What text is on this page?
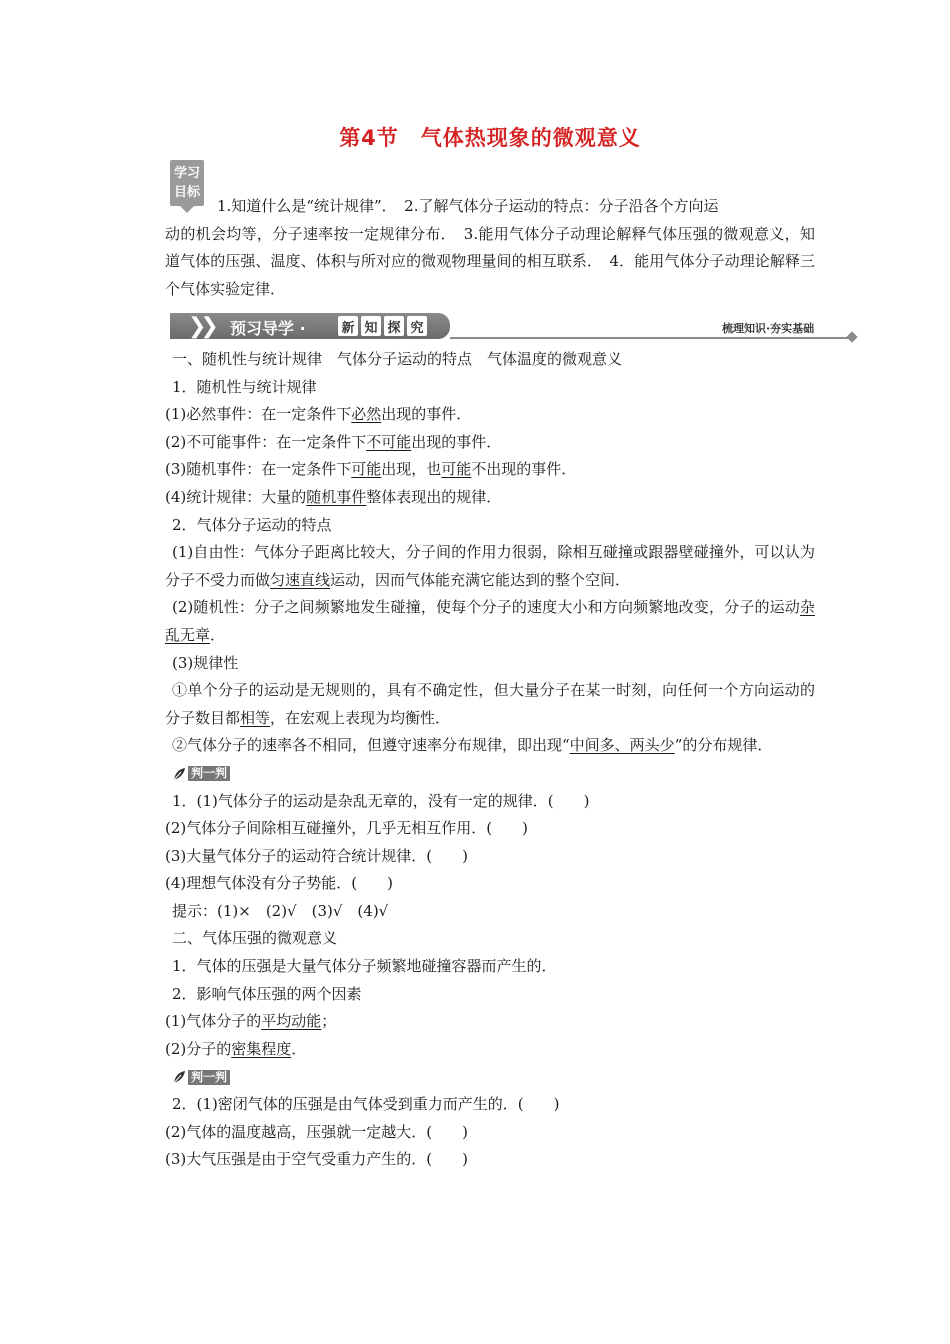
第4节　气体热现象的微观意义
学习
目标
1.知道什么是“统计规律”．　2.了解气体分子运动的特点：分子沿各个方向运
动的机会均等，分子速率按一定规律分布．　3.能用气体分子动理论解释气体压强的微观意义，知道气体的压强、温度、体积与所对应的微观物理量间的相互联系．　4．能用气体分子动理论解释三个气体实验定律．
❯❯ 预习导学 ·	新 知 探 究	梳理知识·夯实基础

一、随机性与统计规律　气体分子运动的特点　气体温度的微观意义

1．随机性与统计规律

(1)必然事件：在一定条件下必然出现的事件．

(2)不可能事件：在一定条件下不可能出现的事件．

(3)随机事件：在一定条件下可能出现，也可能不出现的事件．

(4)统计规律：大量的随机事件整体表现出的规律．

2．气体分子运动的特点

(1)自由性：气体分子距离比较大，分子间的作用力很弱，除相互碰撞或跟器壁碰撞外，可以认为分子不受力而做匀速直线运动，因而气体能充满它能达到的整个空间．

(2)随机性：分子之间频繁地发生碰撞，使每个分子的速度大小和方向频繁地改变，分子的运动杂乱无章．

(3)规律性

①单个分子的运动是无规则的，具有不确定性，但大量分子在某一时刻，向任何一个方向运动的分子数目都相等，在宏观上表现为均衡性．

②气体分子的速率各不相同，但遵守速率分布规律，即出现“中间多、两头少”的分布规律．

判一判

1．(1)气体分子的运动是杂乱无章的，没有一定的规律．(　　)

(2)气体分子间除相互碰撞外，几乎无相互作用．(　　)

(3)大量气体分子的运动符合统计规律．(　　)

(4)理想气体没有分子势能．(　　)

提示：(1)×　(2)√　(3)√　(4)√

二、气体压强的微观意义

1．气体的压强是大量气体分子频繁地碰撞容器而产生的．

2．影响气体压强的两个因素

(1)气体分子的平均动能；

(2)分子的密集程度．

判一判

2．(1)密闭气体的压强是由气体受到重力而产生的．(　　)

(2)气体的温度越高，压强就一定越大．(　　)

(3)大气压强是由于空气受重力产生的．(　　)
